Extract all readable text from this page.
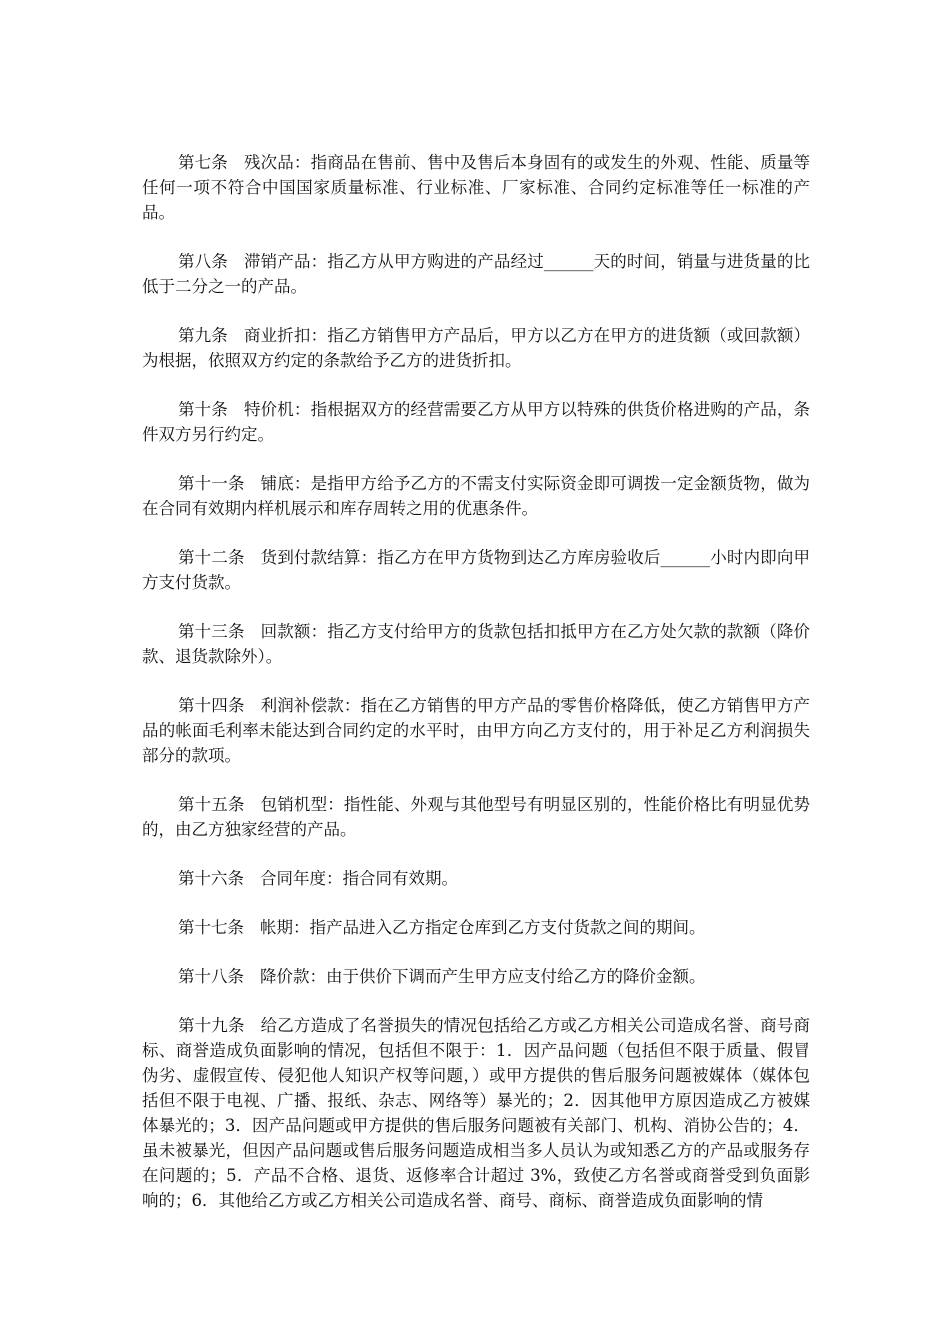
第七条 残次品：指商品在售前、售中及售后本身固有的或发生的外观、性能、质量等任何一项不符合中国国家质量标准、行业标准、厂家标准、合同约定标准等任一标准的产品。

第八条 滞销产品：指乙方从甲方购进的产品经过______天的时间，销量与进货量的比低于二分之一的产品。

第九条 商业折扣：指乙方销售甲方产品后，甲方以乙方在甲方的进货额（或回款额）为根据，依照双方约定的条款给予乙方的进货折扣。

第十条 特价机：指根据双方的经营需要乙方从甲方以特殊的供货价格进购的产品，条件双方另行约定。

第十一条 铺底：是指甲方给予乙方的不需支付实际资金即可调拨一定金额货物，做为在合同有效期内样机展示和库存周转之用的优惠条件。

第十二条 货到付款结算：指乙方在甲方货物到达乙方库房验收后______小时内即向甲方支付货款。

第十三条 回款额：指乙方支付给甲方的货款包括扣抵甲方在乙方处欠款的款额（降价款、退货款除外）。

第十四条 利润补偿款：指在乙方销售的甲方产品的零售价格降低，使乙方销售甲方产品的帐面毛利率未能达到合同约定的水平时，由甲方向乙方支付的，用于补足乙方利润损失部分的款项。

第十五条 包销机型：指性能、外观与其他型号有明显区别的，性能价格比有明显优势的，由乙方独家经营的产品。

第十六条 合同年度：指合同有效期。

第十七条 帐期：指产品进入乙方指定仓库到乙方支付货款之间的期间。

第十八条 降价款：由于供价下调而产生甲方应支付给乙方的降价金额。

第十九条 给乙方造成了名誉损失的情况包括给乙方或乙方相关公司造成名誉、商号商标、商誉造成负面影响的情况，包括但不限于：1．因产品问题（包括但不限于质量、假冒伪劣、虚假宣传、侵犯他人知识产权等问题，）或甲方提供的售后服务问题被媒体（媒体包括但不限于电视、广播、报纸、杂志、网络等）暴光的；2．因其他甲方原因造成乙方被媒体暴光的；3．因产品问题或甲方提供的售后服务问题被有关部门、机构、消协公告的；4．虽未被暴光，但因产品问题或售后服务问题造成相当多人员认为或知悉乙方的产品或服务存在问题的；5．产品不合格、退货、返修率合计超过 3%，致使乙方名誉或商誉受到负面影响的；6．其他给乙方或乙方相关公司造成名誉、商号、商标、商誉造成负面影响的情
